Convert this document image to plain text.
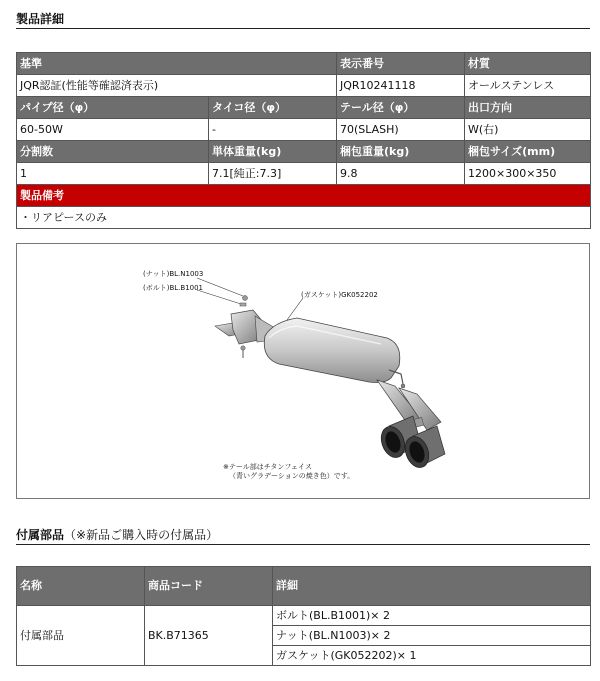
製品詳細
基準		表示番号	材質
JQR認証(性能等確認済表示)		JQR10241118	オールステンレス
パイプ径（φ）	タイコ径（φ）	テール径（φ）	出口方向
60-50W	-	70(SLASH)	W(右)
分割数	単体重量(kg)	梱包重量(kg)	梱包サイズ(mm)
1	7.1[純正:7.3]	9.8	1200×300×350
製品備考			
・リアピースのみ			
(ナット)BL.N1003
(ボルト)BL.B1001
(ガスケット)GK052202
※テール部はチタンフェイス
（青いグラデーションの焼き色）です。
付属部品（※新品ご購入時の付属品）
名称	商品コード	詳細
付属部品	BK.B71365	ボルト(BL.B1001)× 2
		ナット(BL.N1003)× 2
		ガスケット(GK052202)× 1
